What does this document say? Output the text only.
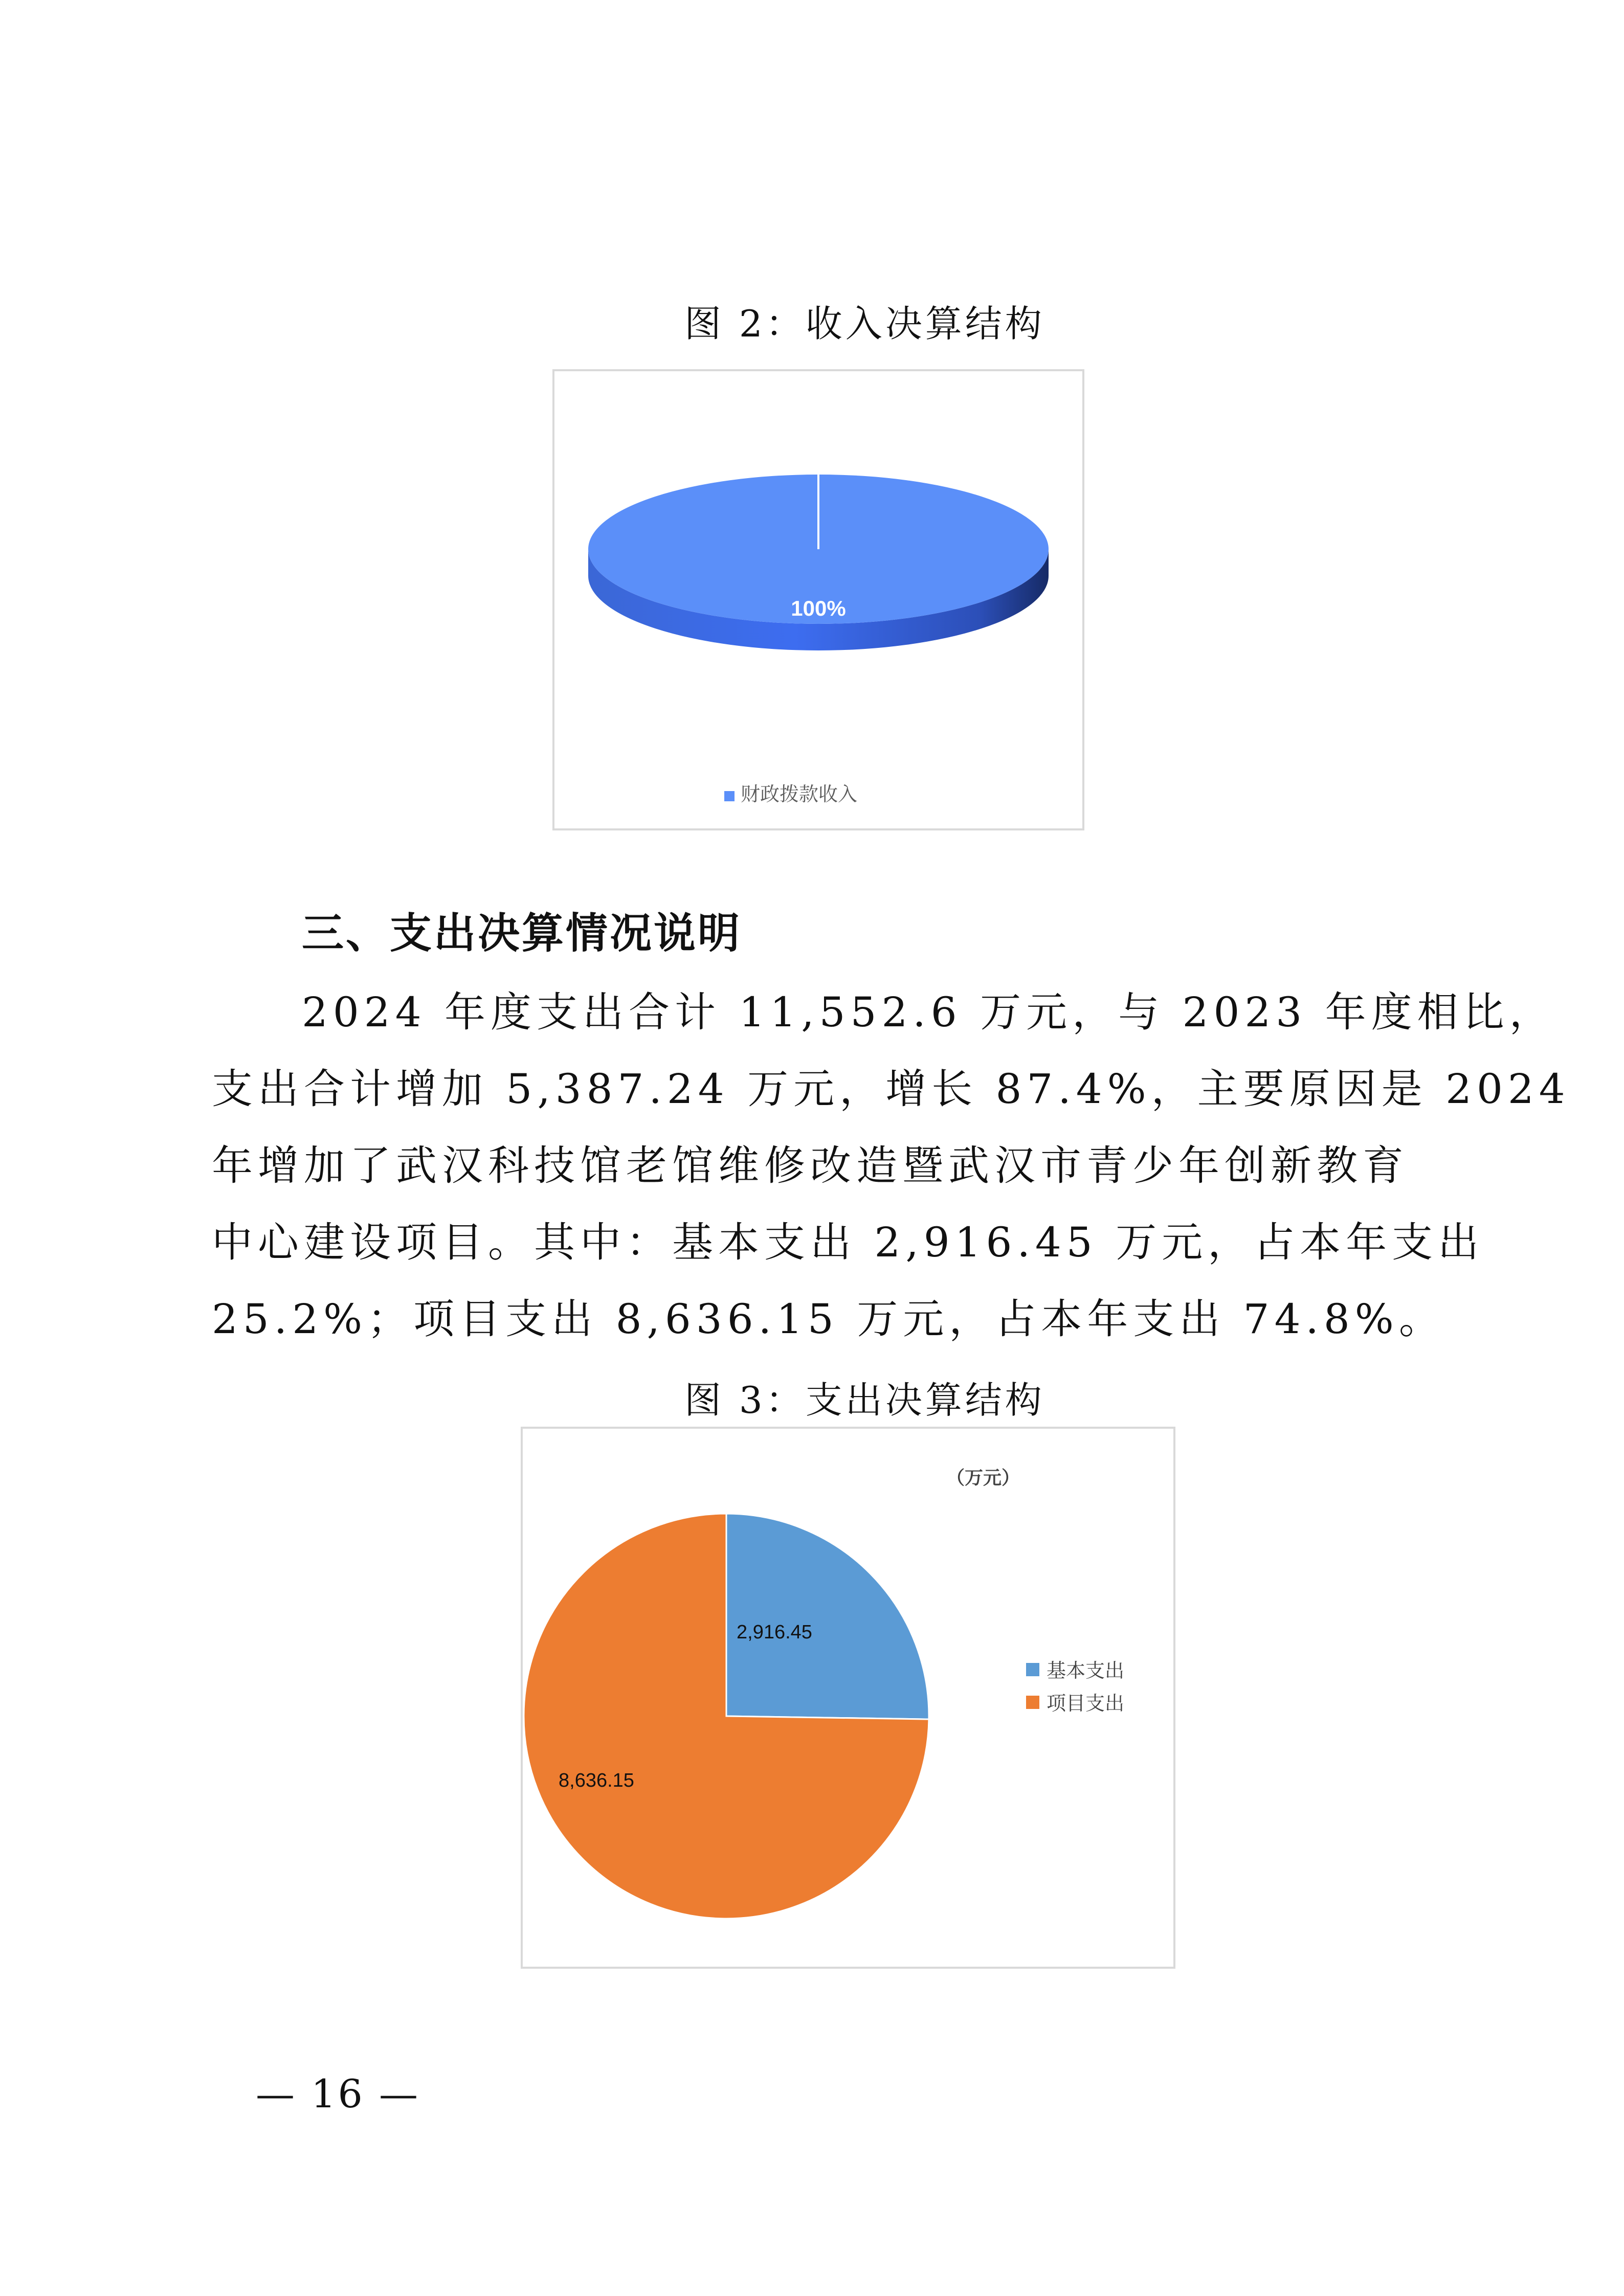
图 2：收入决算结构
100%
财政拨款收入
三、支出决算情况说明
2024 年度支出合计 11,552.6 万元，与 2023 年度相比，
支出合计增加 5,387.24 万元，增长 87.4%，主要原因是 2024
年增加了武汉科技馆老馆维修改造暨武汉市青少年创新教育
中心建设项目。其中：基本支出 2,916.45 万元，占本年支出
25.2%；项目支出 8,636.15 万元，占本年支出 74.8%。
图 3：支出决算结构
2,916.45
8,636.15
（万元）
基本支出
项目支出
— 16 —
